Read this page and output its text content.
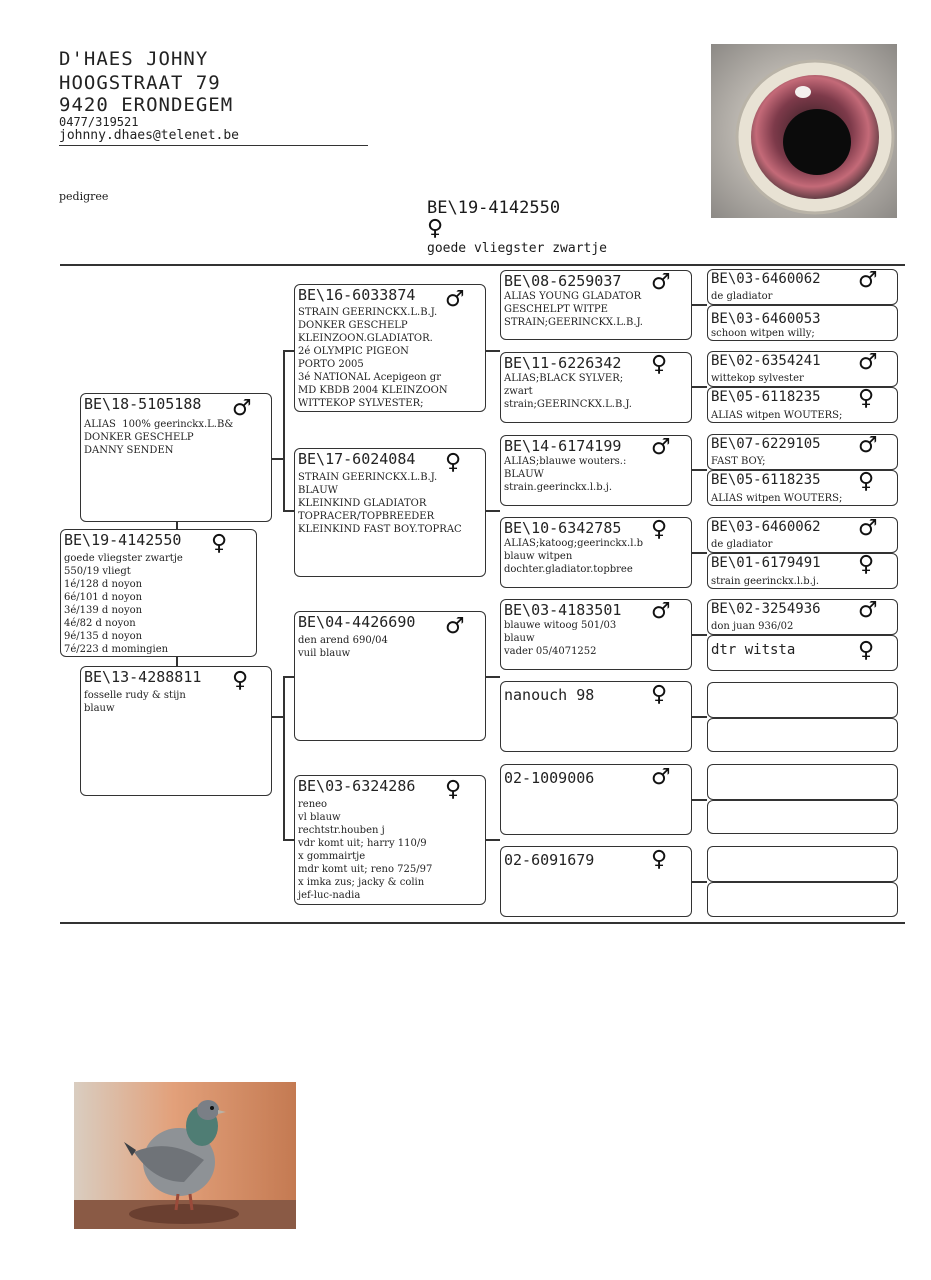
D'HAES JOHNY
HOOGSTRAAT 79
9420 ERONDEGEM
0477/319521
johnny.dhaes@telenet.be
pedigree
BE\19-4142550
♀
goede vliegster zwartje
BE\19-4142550 ♀
goede vliegster zwartje
550/19 vliegt
1é/128 d noyon
6é/101 d noyon
3é/139 d noyon
4é/82 d noyon
9é/135 d noyon
7é/223 d momingien
BE\18-5105188 ♂
ALIAS  100% geerinckx.L.B&
DONKER GESCHELP
DANNY SENDEN
BE\13-4288811 ♀
fosselle rudy & stijn
blauw
BE\16-6033874 ♂
STRAIN GEERINCKX.L.B.J.
DONKER GESCHELP
KLEINZOON.GLADIATOR.
2é OLYMPIC PIGEON
PORTO 2005
3é NATIONAL Acepigeon gr
MD KBDB 2004 KLEINZOON
WITTEKOP SYLVESTER;
BE\17-6024084 ♀
STRAIN GEERINCKX.L.B.J.
BLAUW
KLEINKIND GLADIATOR
TOPRACER/TOPBREEDER
KLEINKIND FAST BOY.TOPRAC
BE\04-4426690 ♂
den arend 690/04
vuil blauw
BE\03-6324286 ♀
reneo
vl blauw
rechtstr.houben j
vdr komt uit; harry 110/9
x gommairtje
mdr komt uit; reno 725/97
x imka zus; jacky & colin
jef-luc-nadia
BE\08-6259037 ♂
ALIAS YOUNG GLADATOR
GESCHELPT WITPE
STRAIN;GEERINCKX.L.B.J.
BE\11-6226342 ♀
ALIAS;BLACK SYLVER;
zwart
strain;GEERINCKX.L.B.J.
BE\14-6174199 ♂
ALIAS;blauwe wouters.:
BLAUW
strain.geerinckx.l.b.j.
BE\10-6342785 ♀
ALIAS;katoog;geerinckx.l.b
blauw witpen
dochter.gladiator.topbree
BE\03-4183501 ♂
blauwe witoog 501/03
blauw
vader 05/4071252
nanouch 98	♀
02-1009006	♂
02-6091679	♀
BE\03-6460062 ♂
de gladiator
BE\03-6460053
schoon witpen willy;
BE\02-6354241 ♂
wittekop sylvester
BE\05-6118235 ♀
ALIAS witpen WOUTERS;
BE\07-6229105 ♂
FAST BOY;
BE\05-6118235 ♀
ALIAS witpen WOUTERS;
BE\03-6460062 ♂
de gladiator
BE\01-6179491 ♀
strain geerinckx.l.b.j.
BE\02-3254936 ♂
don juan 936/02
dtr witsta	♀
